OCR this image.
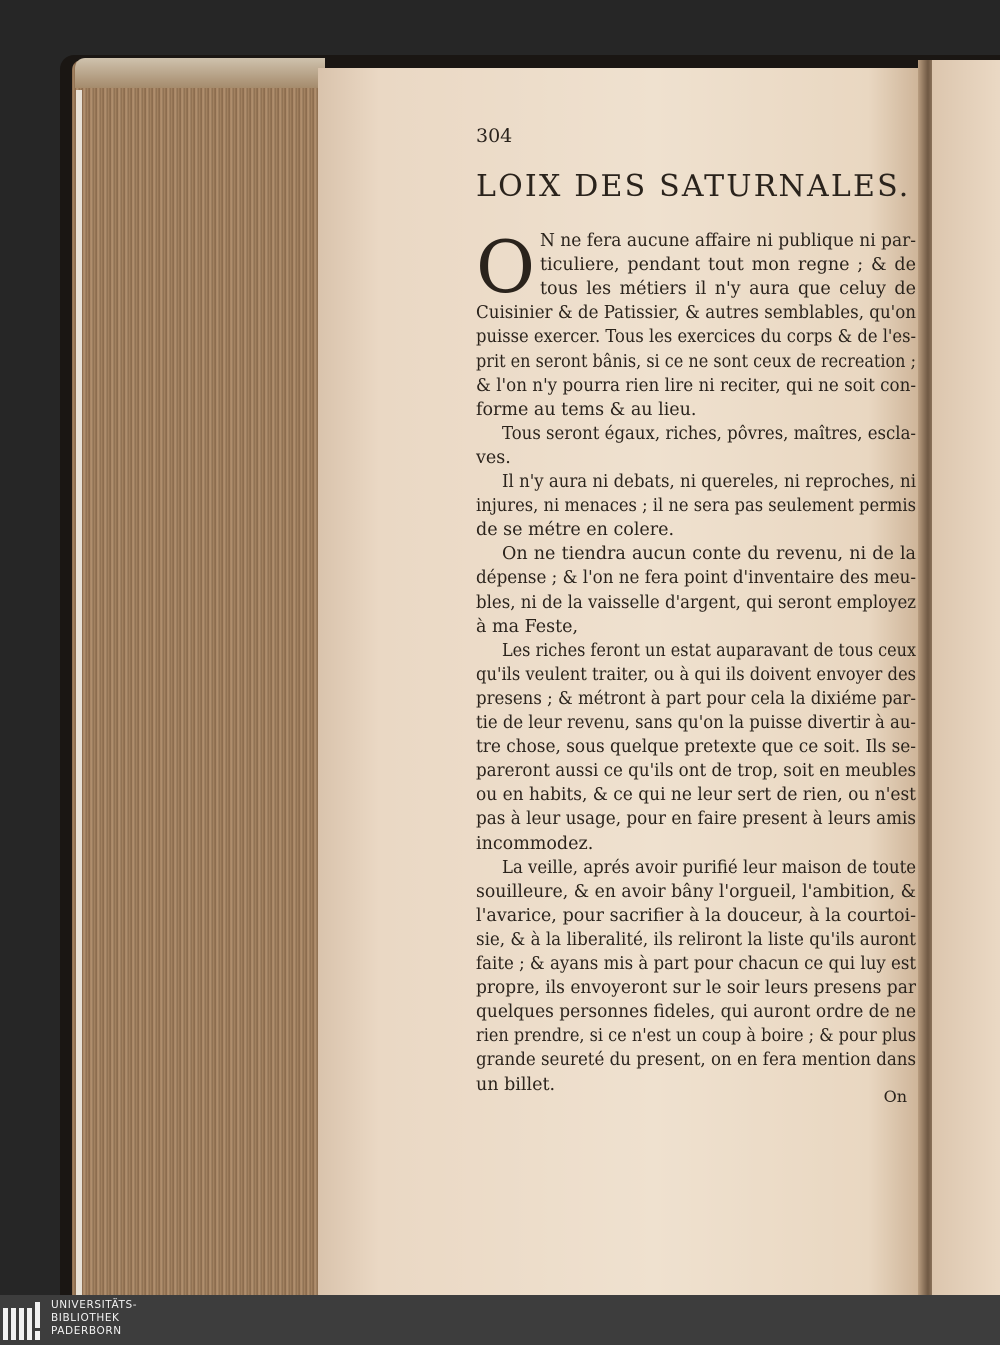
304
LOIX DES SATURNALES.
O N ne fera aucune affaire ni publique ni par-
ticuliere, pendant tout mon regne ; & de
tous les métiers il n'y aura que celuy de
Cuisinier & de Patissier, & autres semblables, qu'on
puisse exercer. Tous les exercices du corps & de l'es-
prit en seront bânis, si ce ne sont ceux de recreation ;
& l'on n'y pourra rien lire ni reciter, qui ne soit con-
forme au tems & au lieu.
Tous seront égaux, riches, pôvres, maîtres, escla-
ves.
Il n'y aura ni debats, ni quereles, ni reproches, ni
injures, ni menaces ; il ne sera pas seulement permis
de se métre en colere.
On ne tiendra aucun conte du revenu, ni de la
dépense ; & l'on ne fera point d'inventaire des meu-
bles, ni de la vaisselle d'argent, qui seront employez
à ma Feste,
Les riches feront un estat auparavant de tous ceux
qu'ils veulent traiter, ou à qui ils doivent envoyer des
presens ; & métront à part pour cela la dixiéme par-
tie de leur revenu, sans qu'on la puisse divertir à au-
tre chose, sous quelque pretexte que ce soit. Ils se-
pareront aussi ce qu'ils ont de trop, soit en meubles
ou en habits, & ce qui ne leur sert de rien, ou n'est
pas à leur usage, pour en faire present à leurs amis
incommodez.
La veille, aprés avoir purifié leur maison de toute
souilleure, & en avoir bâny l'orgueil, l'ambition, &
l'avarice, pour sacrifier à la douceur, à la courtoi-
sie, & à la liberalité, ils reliront la liste qu'ils auront
faite ; & ayans mis à part pour chacun ce qui luy est
propre, ils envoyeront sur le soir leurs presens par
quelques personnes fideles, qui auront ordre de ne
rien prendre, si ce n'est un coup à boire ; & pour plus
grande seureté du present, on en fera mention dans
un billet.
On
UNIVERSITÄTS-
BIBLIOTHEK
PADERBORN
